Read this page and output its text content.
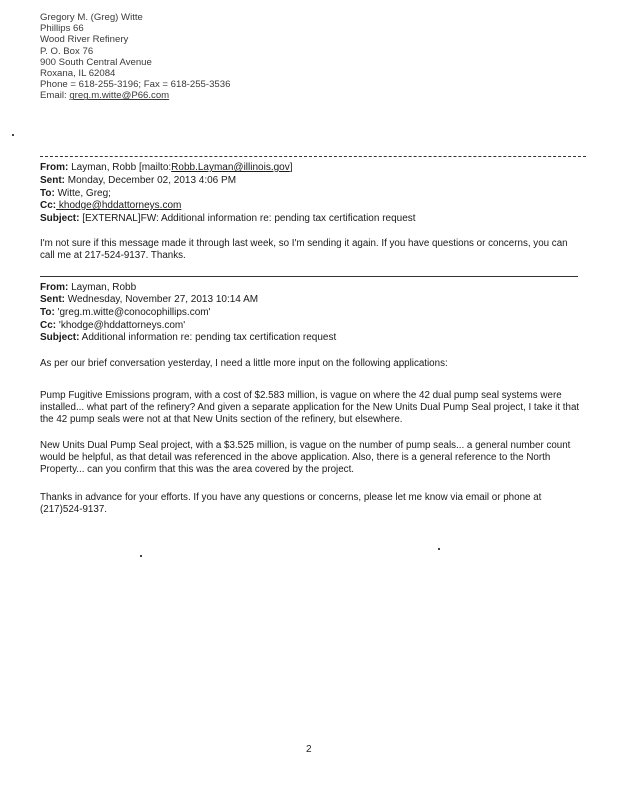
Gregory M. (Greg) Witte
Phillips 66
Wood River Refinery
P. O. Box 76
900 South Central Avenue
Roxana, IL 62084
Phone = 618-255-3196; Fax = 618-255-3536
Email: greg.m.witte@P66.com
From: Layman, Robb [mailto:Robb.Layman@illinois.gov]
Sent: Monday, December 02, 2013 4:06 PM
To: Witte, Greg;
Cc: khodge@hddattorneys.com
Subject: [EXTERNAL]FW: Additional information re: pending tax certification request
I'm not sure if this message made it through last week, so I'm sending it again. If you have questions or concerns, you can call me at 217-524-9137. Thanks.
From: Layman, Robb
Sent: Wednesday, November 27, 2013 10:14 AM
To: 'greg.m.witte@conocophillips.com'
Cc: 'khodge@hddattorneys.com'
Subject: Additional information re: pending tax certification request
As per our brief conversation yesterday, I need a little more input on the following applications:
Pump Fugitive Emissions program, with a cost of $2.583 million, is vague on where the 42 dual pump seal systems were installed... what part of the refinery? And given a separate application for the New Units Dual Pump Seal project, I take it that the 42 pump seals were not at that New Units section of the refinery, but elsewhere.
New Units Dual Pump Seal project, with a $3.525 million, is vague on the number of pump seals... a general number count would be helpful, as that detail was referenced in the above application. Also, there is a general reference to the North Property... can you confirm that this was the area covered by the project.
Thanks in advance for your efforts. If you have any questions or concerns, please let me know via email or phone at (217)524-9137.
2
